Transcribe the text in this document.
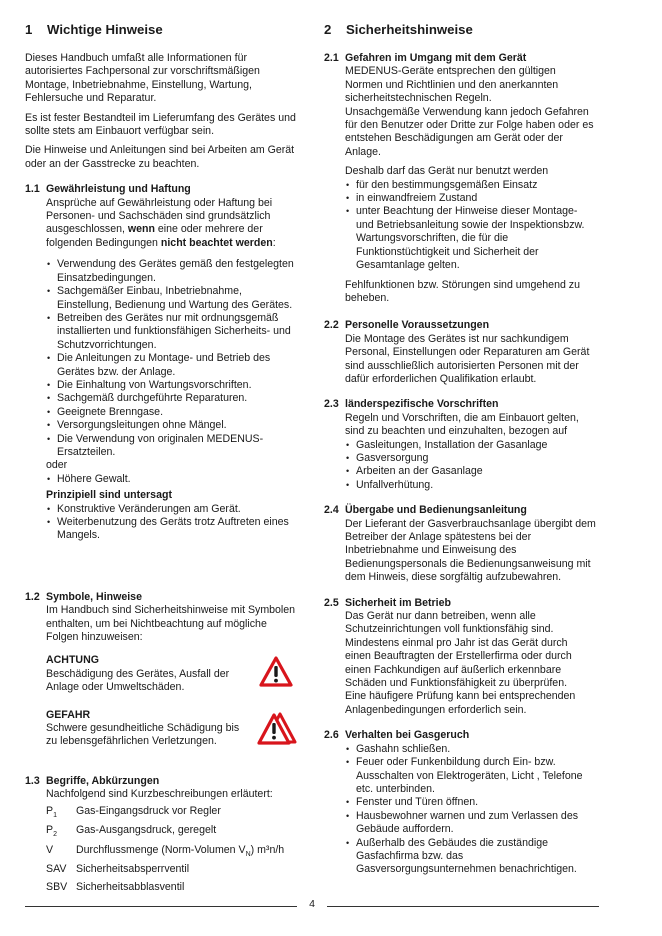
1	Wichtige Hinweise

Dieses Handbuch umfaßt alle Informationen für autorisiertes Fachpersonal zur vorschriftsmäßigen Montage, Inbetriebnahme, Einstellung, Wartung, Fehlersuche und Reparatur.

Es ist fester Bestandteil im Lieferumfang des Gerätes und sollte stets am Einbauort verfügbar sein.

Die Hinweise und Anleitungen sind bei Arbeiten am Gerät oder an der Gasstrecke zu beachten.

1.1 Gewährleistung und Haftung

Ansprüche auf Gewährleistung oder Haftung bei Personen- und Sachschäden sind grundsätzlich ausgeschlossen, wenn eine oder mehrere der folgenden Bedingungen nicht beachtet werden:

• Verwendung des Gerätes gemäß den festgelegten Einsatzbedingungen.
• Sachgemäßer Einbau, Inbetriebnahme, Einstellung, Bedienung und Wartung des Gerätes.
• Betreiben des Gerätes nur mit ordnungsgemäß installierten und funktionsfähigen Sicherheits- und Schutzvorrichtungen.
• Die Anleitungen zu Montage- und Betrieb des Gerätes bzw. der Anlage.
• Die Einhaltung von Wartungsvorschriften.
• Sachgemäß durchgeführte Reparaturen.
• Geeignete Brenngase.
• Versorgungsleitungen ohne Mängel.
• Die Verwendung von originalen MEDENUS-Ersatzteilen.
oder
• Höhere Gewalt.
Prinzipiell sind untersagt
• Konstruktive Veränderungen am Gerät.
• Weiterbenutzung des Geräts trotz Auftreten eines Mangels.
1.2 Symbole, Hinweise

Im Handbuch sind Sicherheitshinweise mit Symbolen enthalten, um bei Nichtbeachtung auf mögliche Folgen hinzuweisen:

ACHTUNG
Beschädigung des Gerätes, Ausfall der Anlage oder Umweltschäden.
GEFAHR
Schwere gesundheitliche Schädigung bis zu lebensgefährlichen Verletzungen.
1.3 Begriffe, Abkürzungen

Nachfolgend sind Kurzbeschreibungen erläutert:

$P_1$	Gas-Eingangsdruck vor Regler
$P_2$	Gas-Ausgangsdruck, geregelt
V	Durchflussmenge (Norm-Volumen $V_N$) m³n/h
SAV Sicherheitsabsperrventil
SBV Sicherheitsabblasventil
2	Sicherheitshinweise
2.1 Gefahren im Umgang mit dem Gerät
MEDENUS-Geräte entsprechen den gültigen Normen und Richtlinien und den anerkannten sicherheitstechnischen Regeln.

Unsachgemäße Verwendung kann jedoch Gefahren für den Benutzer oder Dritte zur Folge haben oder es entstehen Beschädigungen am Gerät oder der Anlage.

Deshalb darf das Gerät nur benutzt werden
• für den bestimmungsgemäßen Einsatz
• in einwandfreiem Zustand
• unter Beachtung der Hinweise dieser Montage- und Betriebsanleitung sowie der Inspektionsbzw. Wartungsvorschriften, die für die Funktionstüchtigkeit und Sicherheit der Gesamtanlage gelten.

Fehlfunktionen bzw. Störungen sind umgehend zu beheben.

2.2 Personelle Voraussetzungen

Die Montage des Gerätes ist nur sachkundigem Personal, Einstellungen oder Reparaturen am Gerät sind ausschließlich autorisierten Personen mit der dafür erforderlichen Qualifikation erlaubt.

2.3 länderspezifische Vorschriften
Regeln und Vorschriften, die am Einbauort gelten, sind zu beachten und einzuhalten, bezogen auf
• Gasleitungen, Installation der Gasanlage
• Gasversorgung
• Arbeiten an der Gasanlage
• Unfallverhütung.
2.4 Übergabe und Bedienungsanleitung

Der Lieferant der Gasverbrauchsanlage übergibt dem Betreiber der Anlage spätestens bei der Inbetriebnahme und Einweisung des Bedienungspersonals die Bedienungsanweisung mit dem Hinweis, diese sorgfältig aufzubewahren.

2.5 Sicherheit im Betrieb
Das Gerät nur dann betreiben, wenn alle Schutzeinrichtungen voll funktionsfähig sind.
Mindestens einmal pro Jahr ist das Gerät durch einen Beauftragten der Erstellerfirma oder durch einen Fachkundigen auf äußerlich erkennbare Schäden und Funktionsfähigkeit zu überprüfen.

Eine häufigere Prüfung kann bei entsprechenden Anlagenbedingungen erforderlich sein.

2.6 Verhalten bei Gasgeruch
• Gashahn schließen.
• Feuer oder Funkenbildung durch Ein- bzw. Ausschalten von Elektrogeräten, Licht , Telefone etc. unterbinden.
• Fenster und Türen öffnen.
• Hausbewohner warnen und zum Verlassen des Gebäude auffordern.
• Außerhalb des Gebäudes die zuständige Gasfachfirma bzw. das Gasversorgungsunternehmen benachrichtigen.
4
